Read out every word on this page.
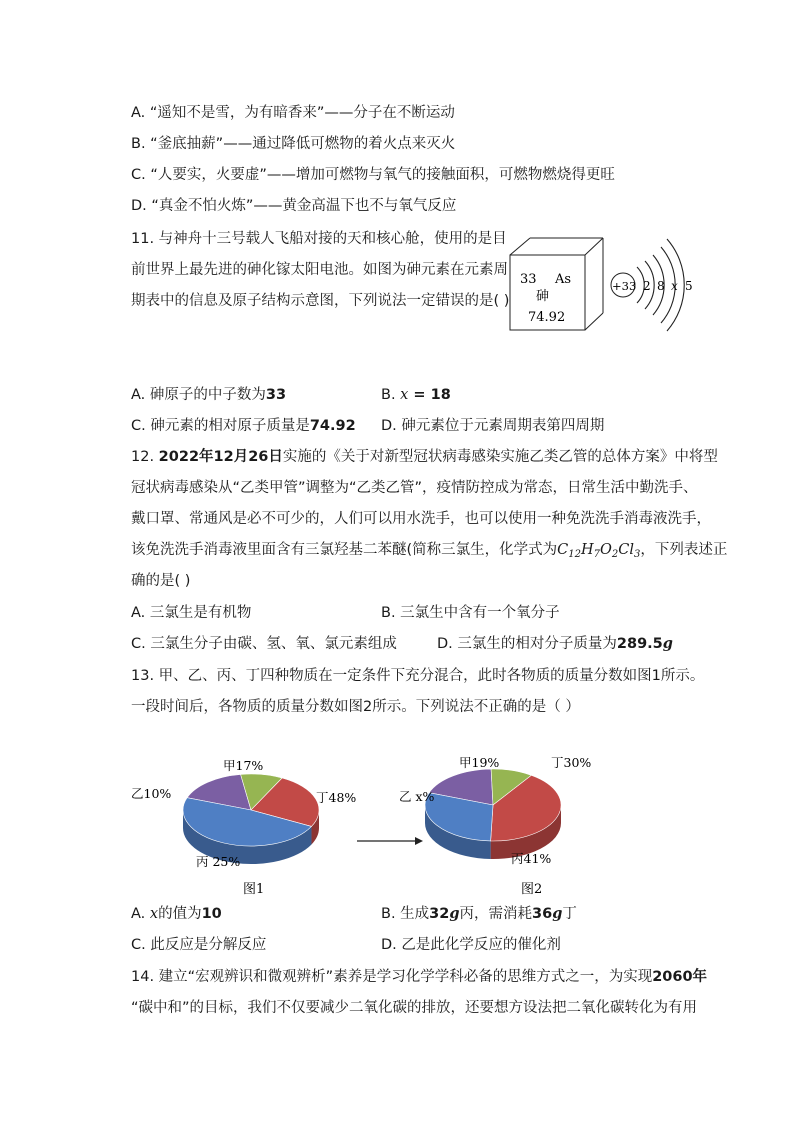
A. “遥知不是雪，为有暗香来”——分子在不断运动
B. “釜底抽薪”——通过降低可燃物的着火点来灭火
C. “人要实，火要虚”——增加可燃物与氧气的接触面积，可燃物燃烧得更旺
D. “真金不怕火炼”——黄金高温下也不与氧气反应
11. 与神舟十三号载人飞船对接的天和核心舱，使用的是目
前世界上最先进的砷化镓太阳电池。如图为砷元素在元素周
期表中的信息及原子结构示意图，下列说法一定错误的是( )
33 As
砷
74.92
+33 2 8 x 5
A. 砷原子的中子数为33	B. x = 18
C. 砷元素的相对原子质量是74.92 D. 砷元素位于元素周期表第四周期
12. 2022年12月26日实施的《关于对新型冠状病毒感染实施乙类乙管的总体方案》中将型
冠状病毒感染从“乙类甲管”调整为“乙类乙管”，疫情防控成为常态，日常生活中勤洗手、
戴口罩、常通风是必不可少的，人们可以用水洗手，也可以使用一种免洗洗手消毒液洗手，
该免洗洗手消毒液里面含有三氯羟基二苯醚(简称三氯生，化学式为$C_{12}H_7O_2Cl_3$，下列表述正
确的是( )
A. 三氯生是有机物	B. 三氯生中含有一个氧分子
C. 三氯生分子由碳、氢、氧、氯元素组成	D. 三氯生的相对分子质量为289.5g
13. 甲、乙、丙、丁四种物质在一定条件下充分混合，此时各物质的质量分数如图1所示。
一段时间后，各物质的质量分数如图2所示。下列说法不正确的是（ ）
甲17%
乙10%
丙 25%
丁48%
图1
甲19%
乙 x%
丙41%
丁30%
图2
A. x的值为10	B. 生成32g丙，需消耗36g丁
C. 此反应是分解反应	D. 乙是此化学反应的催化剂
14. 建立“宏观辨识和微观辨析”素养是学习化学学科必备的思维方式之一，为实现2060年
“碳中和”的目标，我们不仅要减少二氧化碳的排放，还要想方设法把二氧化碳转化为有用
